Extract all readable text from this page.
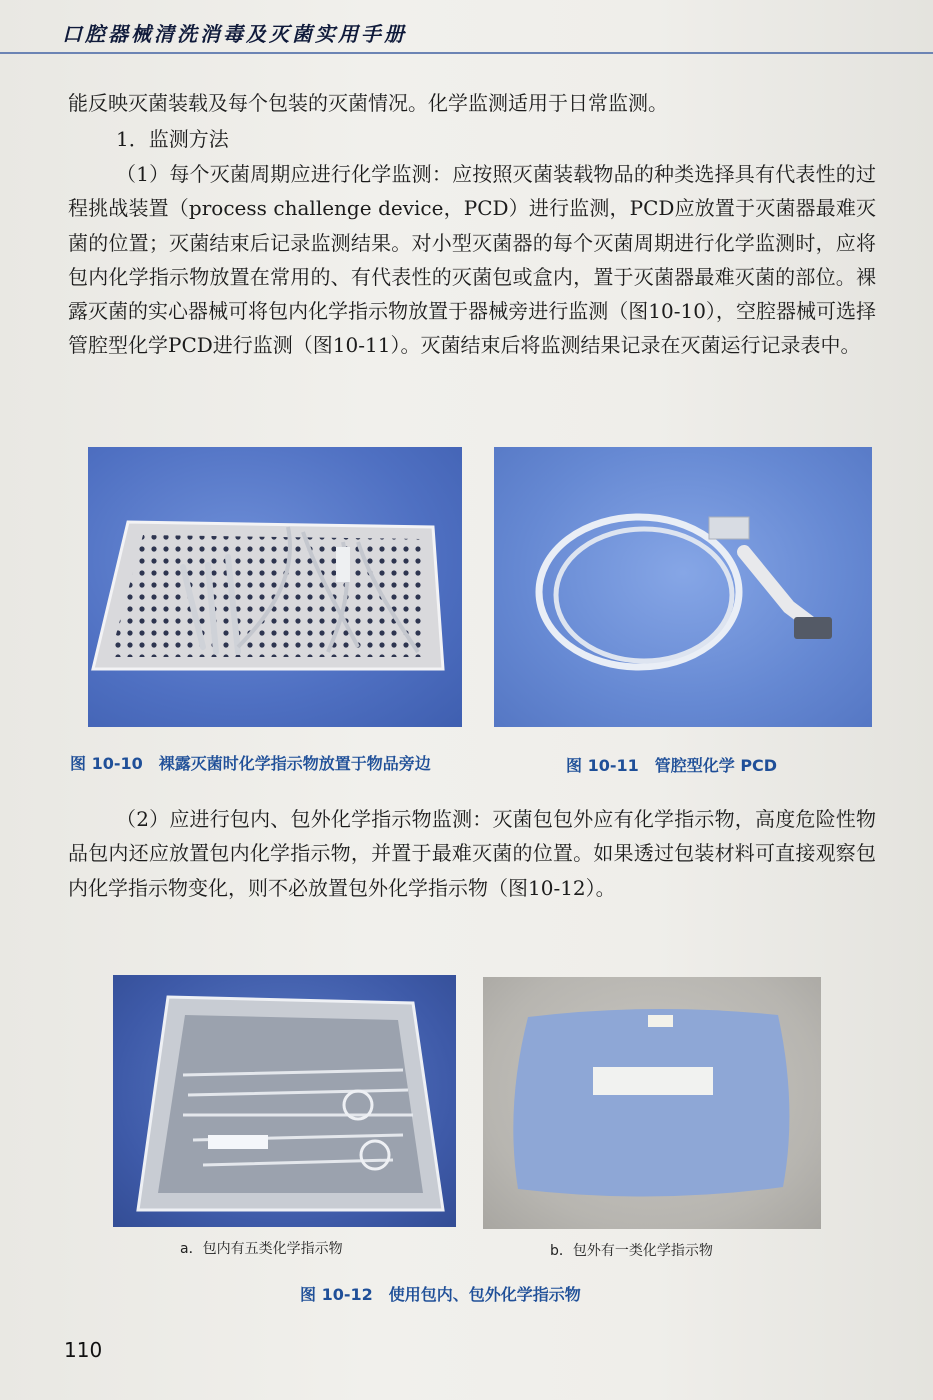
口腔器械清洗消毒及灭菌实用手册

能反映灭菌装载及每个包装的灭菌情况。化学监测适用于日常监测。

1．监测方法

（1）每个灭菌周期应进行化学监测：应按照灭菌装载物品的种类选择具有代表性的过程挑战装置（process challenge device，PCD）进行监测，PCD应放置于灭菌器最难灭菌的位置；灭菌结束后记录监测结果。对小型灭菌器的每个灭菌周期进行化学监测时，应将包内化学指示物放置在常用的、有代表性的灭菌包或盒内，置于灭菌器最难灭菌的部位。裸露灭菌的实心器械可将包内化学指示物放置于器械旁进行监测（图10-10），空腔器械可选择管腔型化学PCD进行监测（图10-11）。灭菌结束后将监测结果记录在灭菌运行记录表中。

图 10-10　裸露灭菌时化学指示物放置于物品旁边	图 10-11　管腔型化学 PCD

（2）应进行包内、包外化学指示物监测：灭菌包包外应有化学指示物，高度危险性物品包内还应放置包内化学指示物，并置于最难灭菌的位置。如果透过包装材料可直接观察包内化学指示物变化，则不必放置包外化学指示物（图10-12）。

a．包内有五类化学指示物	b．包外有一类化学指示物
图 10-12　使用包内、包外化学指示物
110
